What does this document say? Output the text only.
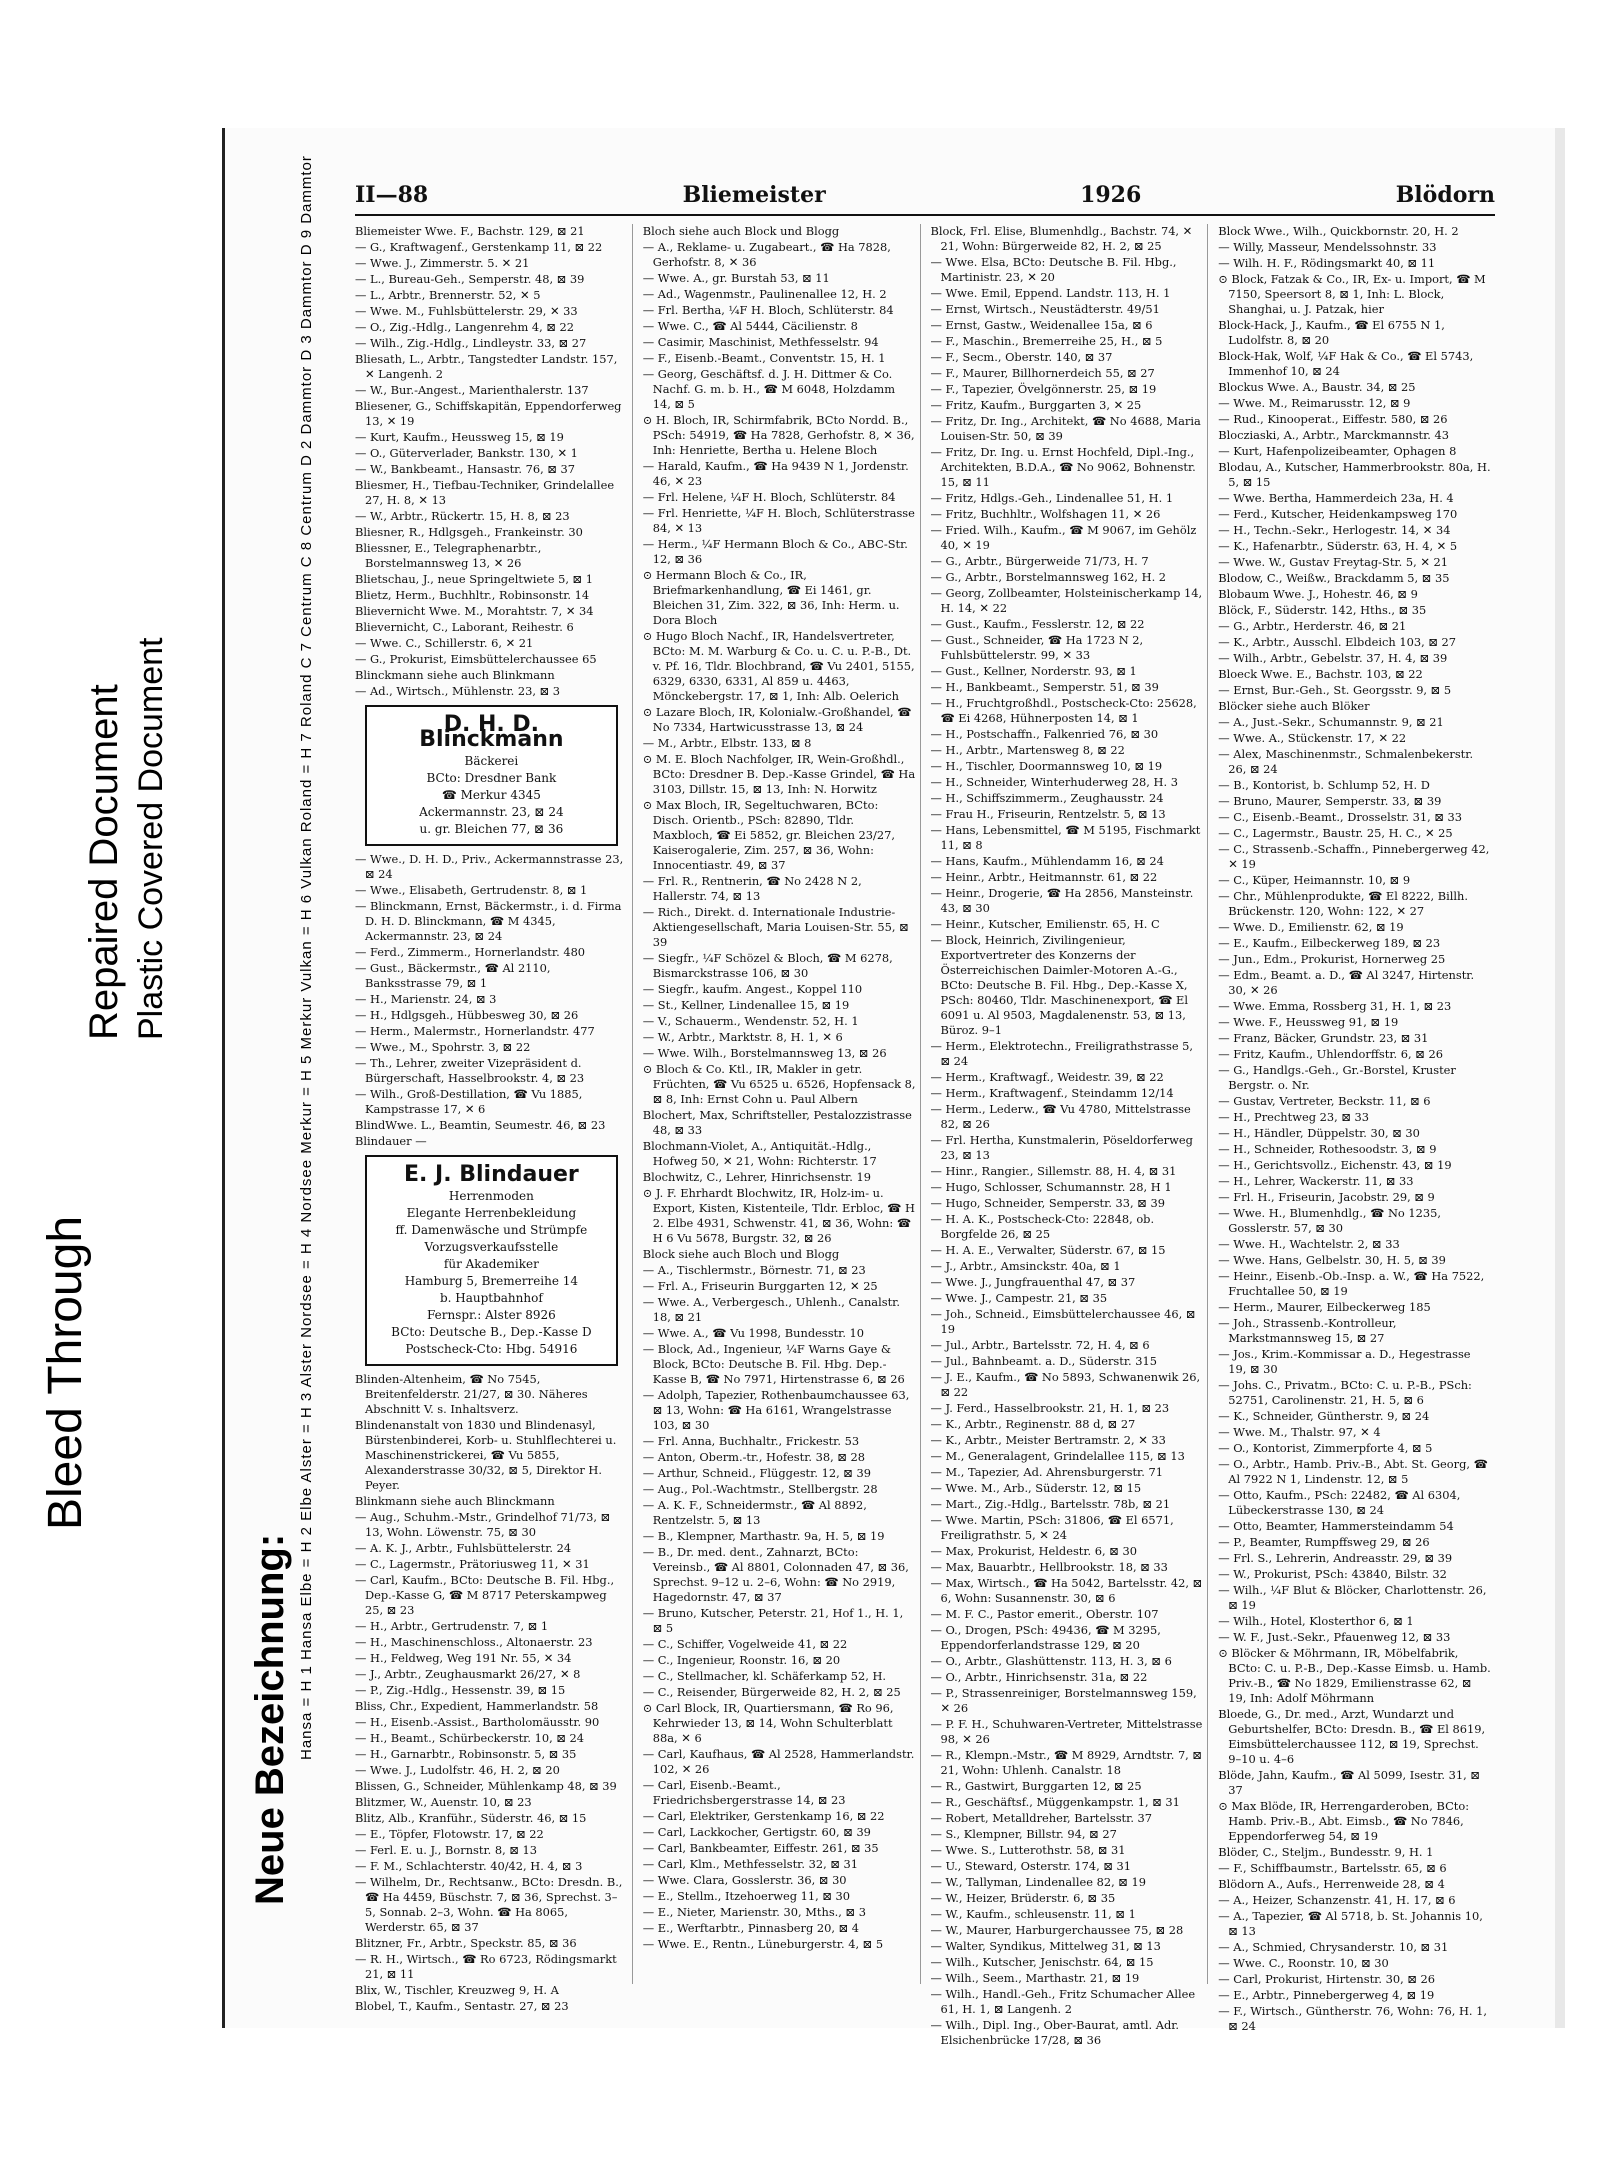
Bleed Through
Repaired Document Plastic Covered Document
Neue Bezeichnung: Hansa = H 1 Hansa Elbe = H 2 Elbe Alster = H 3 Alster Nordsee = H 4 Nordsee Merkur = H 5 Merkur Vulkan = H 6 Vulkan Roland = H 7 Roland C 7 Centrum C 8 Centrum D 2 Dammtor D 3 Dammtor D 9 Dammtor II—88	Bliemeister	1926	Blödorn
Bliemeister Wwe. F., Bachstr. 129, ⊠ 21
— G., Kraftwagenf., Gerstenkamp 11, ⊠ 22
— Wwe. J., Zimmerstr. 5. ✕ 21
— L., Bureau-Geh., Semperstr. 48, ⊠ 39
— L., Arbtr., Brennerstr. 52, ✕ 5
— Wwe. M., Fuhlsbüttelerstr. 29, ✕ 33
— O., Zig.-Hdlg., Langenrehm 4, ⊠ 22
— Wilh., Zig.-Hdlg., Lindleystr. 33, ⊠ 27
Bliesath, L., Arbtr., Tangstedter Landstr. 157, ✕ Langenh. 2
— W., Bur.-Angest., Marienthalerstr. 137
Bliesener, G., Schiffskapitän, Eppendorferweg 13, ✕ 19
— Kurt, Kaufm., Heussweg 15, ⊠ 19
— O., Güterverlader, Bankstr. 130, ✕ 1
— W., Bankbeamt., Hansastr. 76, ⊠ 37
Bliesmer, H., Tiefbau-Techniker, Grindelallee 27, H. 8, ✕ 13
— W., Arbtr., Rückertr. 15, H. 8, ⊠ 23
Bliesner, R., Hdlgsgeh., Frankeinstr. 30
Bliessner, E., Telegraphenarbtr., Borstelmannsweg 13, ✕ 26
Blietschau, J., neue Springeltwiete 5, ⊠ 1
Blietz, Herm., Buchhltr., Robinsonstr. 14
Blievernicht Wwe. M., Morahtstr. 7, ✕ 34
Blievernicht, C., Laborant, Reihestr. 6
— Wwe. C., Schillerstr. 6, ✕ 21
— G., Prokurist, Eimsbüttelerchaussee 65
Blinckmann siehe auch Blinkmann
— Ad., Wirtsch., Mühlenstr. 23, ⊠ 3
D. H. D. Blinckmann
Bäckerei
BCto: Dresdner Bank
☎ Merkur 4345
Ackermannstr. 23, ⊠ 24
u. gr. Bleichen 77, ⊠ 36
— Wwe., D. H. D., Priv., Ackermannstrasse 23, ⊠ 24
— Wwe., Elisabeth, Gertrudenstr. 8, ⊠ 1
— Blinckmann, Ernst, Bäckermstr., i. d. Firma D. H. D. Blinckmann, ☎ M 4345, Ackermannstr. 23, ⊠ 24
— Ferd., Zimmerm., Hornerlandstr. 480
— Gust., Bäckermstr., ☎ Al 2110, Banksstrasse 79, ⊠ 1
— H., Marienstr. 24, ⊠ 3
— H., Hdlgsgeh., Hübbesweg 30, ⊠ 26
— Herm., Malermstr., Hornerlandstr. 477
— Wwe., M., Spohrstr. 3, ⊠ 22
— Th., Lehrer, zweiter Vizepräsident d. Bürgerschaft, Hasselbrookstr. 4, ⊠ 23
— Wilh., Groß-Destillation, ☎ Vu 1885, Kampstrasse 17, ✕ 6
BlindWwe. L., Beamtin, Seumestr. 46, ⊠ 23
Blindauer —
E. J. Blindauer
Herrenmoden
Elegante Herrenbekleidung
ff. Damenwäsche und Strümpfe
Vorzugsverkaufsstelle
für Akademiker
Hamburg 5, Bremerreihe 14
b. Hauptbahnhof
Fernspr.: Alster 8926
BCto: Deutsche B., Dep.-Kasse D
Postscheck-Cto: Hbg. 54916
Blinden-Altenheim, ☎ No 7545, Breitenfelderstr. 21/27, ⊠ 30. Näheres Abschnitt V. s. Inhaltsverz.
Blindenanstalt von 1830 und Blindenasyl, Bürstenbinderei, Korb- u. Stuhlflechterei u. Maschinenstrickerei, ☎ Vu 5855, Alexanderstrasse 30/32, ⊠ 5, Direktor H. Peyer.
Blinkmann siehe auch Blinckmann
— Aug., Schuhm.-Mstr., Grindelhof 71/73, ⊠ 13, Wohn. Löwenstr. 75, ⊠ 30
— A. K. J., Arbtr., Fuhlsbüttelerstr. 24
— C., Lagermstr., Prätoriusweg 11, ✕ 31
— Carl, Kaufm., BCto: Deutsche B. Fil. Hbg., Dep.-Kasse G, ☎ M 8717 Peterskampweg 25, ⊠ 23
— H., Arbtr., Gertrudenstr. 7, ⊠ 1
— H., Maschinenschloss., Altonaerstr. 23
— H., Feldweg, Weg 191 Nr. 55, ✕ 34
— J., Arbtr., Zeughausmarkt 26/27, ✕ 8
— P., Zig.-Hdlg., Hessenstr. 39, ⊠ 15
Bliss, Chr., Expedient, Hammerlandstr. 58
— H., Eisenb.-Assist., Bartholomäusstr. 90
— H., Beamt., Schürbeckerstr. 10, ⊠ 24
— H., Garnarbtr., Robinsonstr. 5, ⊠ 35
— Wwe. J., Ludolfstr. 46, H. 2, ⊠ 20
Blissen, G., Schneider, Mühlenkamp 48, ⊠ 39
Blitzmer, W., Auenstr. 10, ⊠ 23
Blitz, Alb., Kranführ., Süderstr. 46, ⊠ 15
— E., Töpfer, Flotowstr. 17, ⊠ 22
— Ferl. E. u. J., Bornstr. 8, ⊠ 13
— F. M., Schlachterstr. 40/42, H. 4, ⊠ 3
— Wilhelm, Dr., Rechtsanw., BCto: Dresdn. B., ☎ Ha 4459, Büschstr. 7, ⊠ 36, Sprechst. 3–5, Sonnab. 2–3, Wohn. ☎ Ha 8065, Werderstr. 65, ⊠ 37
Blitzner, Fr., Arbtr., Speckstr. 85, ⊠ 36
— R. H., Wirtsch., ☎ Ro 6723, Rödingsmarkt 21, ⊠ 11
Blix, W., Tischler, Kreuzweg 9, H. A
Blobel, T., Kaufm., Sentastr. 27, ⊠ 23
Bloch siehe auch Block und Blogg
— A., Reklame- u. Zugabeart., ☎ Ha 7828, Gerhofstr. 8, ✕ 36
— Wwe. A., gr. Burstah 53, ⊠ 11
— Ad., Wagenmstr., Paulinenallee 12, H. 2
— Frl. Bertha, ¼F H. Bloch, Schlüterstr. 84
— Wwe. C., ☎ Al 5444, Cäcilienstr. 8
— Casimir, Maschinist, Methfesselstr. 94
— F., Eisenb.-Beamt., Conventstr. 15, H. 1
— Georg, Geschäftsf. d. J. H. Dittmer & Co. Nachf. G. m. b. H., ☎ M 6048, Holzdamm 14, ⊠ 5
⊙ H. Bloch, IR, Schirmfabrik, BCto Nordd. B., PSch: 54919, ☎ Ha 7828, Gerhofstr. 8, ✕ 36, Inh: Henriette, Bertha u. Helene Bloch
— Harald, Kaufm., ☎ Ha 9439 N 1, Jordenstr. 46, ✕ 23
— Frl. Helene, ¼F H. Bloch, Schlüterstr. 84
— Frl. Henriette, ¼F H. Bloch, Schlüterstrasse 84, ✕ 13
— Herm., ¼F Hermann Bloch & Co., ABC-Str. 12, ⊠ 36
⊙ Hermann Bloch & Co., IR, Briefmarkenhandlung, ☎ Ei 1461, gr. Bleichen 31, Zim. 322, ⊠ 36, Inh: Herm. u. Dora Bloch
⊙ Hugo Bloch Nachf., IR, Handelsvertreter, BCto: M. M. Warburg & Co. u. C. u. P.-B., Dt. v. Pf. 16, Tldr. Blochbrand, ☎ Vu 2401, 5155, 6329, 6330, 6331, Al 859 u. 4463, Mönckebergstr. 17, ⊠ 1, Inh: Alb. Oelerich
⊙ Lazare Bloch, IR, Kolonialw.-Großhandel, ☎ No 7334, Hartwicusstrasse 13, ⊠ 24
— M., Arbtr., Elbstr. 133, ⊠ 8
⊙ M. E. Bloch Nachfolger, IR, Wein-Großhdl., BCto: Dresdner B. Dep.-Kasse Grindel, ☎ Ha 3103, Dillstr. 15, ⊠ 13, Inh: N. Horwitz
⊙ Max Bloch, IR, Segeltuchwaren, BCto: Disch. Orientb., PSch: 82890, Tldr. Maxbloch, ☎ Ei 5852, gr. Bleichen 23/27, Kaiserogalerie, Zim. 257, ⊠ 36, Wohn: Innocentiastr. 49, ⊠ 37
— Frl. R., Rentnerin, ☎ No 2428 N 2, Hallerstr. 74, ⊠ 13
— Rich., Direkt. d. Internationale Industrie-Aktiengesellschaft, Maria Louisen-Str. 55, ⊠ 39
— Siegfr., ¼F Schözel & Bloch, ☎ M 6278, Bismarckstrasse 106, ⊠ 30
— Siegfr., kaufm. Angest., Koppel 110
— St., Kellner, Lindenallee 15, ⊠ 19
— V., Schauerm., Wendenstr. 52, H. 1
— W., Arbtr., Marktstr. 8, H. 1, ✕ 6
— Wwe. Wilh., Borstelmannsweg 13, ⊠ 26
⊙ Bloch & Co. Ktl., IR, Makler in getr. Früchten, ☎ Vu 6525 u. 6526, Hopfensack 8, ⊠ 8, Inh: Ernst Cohn u. Paul Albern
Blochert, Max, Schriftsteller, Pestalozzistrasse 48, ⊠ 33
Blochmann-Violet, A., Antiquität.-Hdlg., Hofweg 50, ✕ 21, Wohn: Richterstr. 17
Blochwitz, C., Lehrer, Hinrichsenstr. 19
⊙ J. F. Ehrhardt Blochwitz, IR, Holz-im- u. Export, Kisten, Kistenteile, Tldr. Erbloc, ☎ H 2. Elbe 4931, Schwenstr. 41, ⊠ 36, Wohn: ☎ H 6 Vu 5678, Burgstr. 32, ⊠ 26
Block siehe auch Bloch und Blogg
— A., Tischlermstr., Börnestr. 71, ⊠ 23
— Frl. A., Friseurin Burggarten 12, ✕ 25
— Wwe. A., Verbergesch., Uhlenh., Canalstr. 18, ⊠ 21
— Wwe. A., ☎ Vu 1998, Bundesstr. 10
— Block, Ad., Ingenieur, ¼F Warns Gaye & Block, BCto: Deutsche B. Fil. Hbg. Dep.-Kasse B, ☎ No 7971, Hirtenstrasse 6, ⊠ 26
— Adolph, Tapezier, Rothenbaumchaussee 63, ⊠ 13, Wohn: ☎ Ha 6161, Wrangelstrasse 103, ⊠ 30
— Frl. Anna, Buchhaltr., Frickestr. 53
— Anton, Oberm.-tr., Hofestr. 38, ⊠ 28
— Arthur, Schneid., Flüggestr. 12, ⊠ 39
— Aug., Pol.-Wachtmstr., Stellbergstr. 28
— A. K. F., Schneidermstr., ☎ Al 8892, Rentzelstr. 5, ⊠ 13
— B., Klempner, Marthastr. 9a, H. 5, ⊠ 19
— B., Dr. med. dent., Zahnarzt, BCto: Vereinsb., ☎ Al 8801, Colonnaden 47, ⊠ 36, Sprechst. 9–12 u. 2–6, Wohn: ☎ No 2919, Hagedornstr. 47, ⊠ 37
— Bruno, Kutscher, Peterstr. 21, Hof 1., H. 1, ⊠ 5
— C., Schiffer, Vogelweide 41, ⊠ 22
— C., Ingenieur, Roonstr. 16, ⊠ 20
— C., Stellmacher, kl. Schäferkamp 52, H.
— C., Reisender, Bürgerweide 82, H. 2, ⊠ 25
⊙ Carl Block, IR, Quartiersmann, ☎ Ro 96, Kehrwieder 13, ⊠ 14, Wohn Schulterblatt 88a, ✕ 6
— Carl, Kaufhaus, ☎ Al 2528, Hammerlandstr. 102, ✕ 26
— Carl, Eisenb.-Beamt., Friedrichsbergerstrasse 14, ⊠ 23
— Carl, Elektriker, Gerstenkamp 16, ⊠ 22
— Carl, Lackkocher, Gertigstr. 60, ⊠ 39
— Carl, Bankbeamter, Eiffestr. 261, ⊠ 35
— Carl, Klm., Methfesselstr. 32, ⊠ 31
— Wwe. Clara, Gosslerstr. 36, ⊠ 30
— E., Stellm., Itzehoerweg 11, ⊠ 30
— E., Nieter, Marienstr. 30, Mths., ⊠ 3
— E., Werftarbtr., Pinnasberg 20, ⊠ 4
— Wwe. E., Rentn., Lüneburgerstr. 4, ⊠ 5
Block, Frl. Elise, Blumenhdlg., Bachstr. 74, ✕ 21, Wohn: Bürgerweide 82, H. 2, ⊠ 25
— Wwe. Elsa, BCto: Deutsche B. Fil. Hbg., Martinistr. 23, ✕ 20
— Wwe. Emil, Eppend. Landstr. 113, H. 1
— Ernst, Wirtsch., Neustädterstr. 49/51
— Ernst, Gastw., Weidenallee 15a, ⊠ 6
— F., Maschin., Bremerreihe 25, H., ⊠ 5
— F., Secm., Oberstr. 140, ⊠ 37
— F., Maurer, Billhornerdeich 55, ⊠ 27
— F., Tapezier, Övelgönnerstr. 25, ⊠ 19
— Fritz, Kaufm., Burggarten 3, ✕ 25
— Fritz, Dr. Ing., Architekt, ☎ No 4688, Maria Louisen-Str. 50, ⊠ 39
— Fritz, Dr. Ing. u. Ernst Hochfeld, Dipl.-Ing., Architekten, B.D.A., ☎ No 9062, Bohnenstr. 15, ⊠ 11
— Fritz, Hdlgs.-Geh., Lindenallee 51, H. 1
— Fritz, Buchhltr., Wolfshagen 11, ✕ 26
— Fried. Wilh., Kaufm., ☎ M 9067, im Gehölz 40, ✕ 19
— G., Arbtr., Bürgerweide 71/73, H. 7
— G., Arbtr., Borstelmannsweg 162, H. 2
— Georg, Zollbeamter, Holsteinischerkamp 14, H. 14, ✕ 22
— Gust., Kaufm., Fesslerstr. 12, ⊠ 22
— Gust., Schneider, ☎ Ha 1723 N 2, Fuhlsbüttelerstr. 99, ✕ 33
— Gust., Kellner, Norderstr. 93, ⊠ 1
— H., Bankbeamt., Semperstr. 51, ⊠ 39
— H., Fruchtgroßhdl., Postscheck-Cto: 25628, ☎ Ei 4268, Hühnerposten 14, ⊠ 1
— H., Postschaffn., Falkenried 76, ⊠ 30
— H., Arbtr., Martensweg 8, ⊠ 22
— H., Tischler, Doormannsweg 10, ⊠ 19
— H., Schneider, Winterhuderweg 28, H. 3
— H., Schiffszimmerm., Zeughausstr. 24
— Frau H., Friseurin, Rentzelstr. 5, ⊠ 13
— Hans, Lebensmittel, ☎ M 5195, Fischmarkt 11, ⊠ 8
— Hans, Kaufm., Mühlendamm 16, ⊠ 24
— Heinr., Arbtr., Heitmannstr. 61, ⊠ 22
— Heinr., Drogerie, ☎ Ha 2856, Mansteinstr. 43, ⊠ 30
— Heinr., Kutscher, Emilienstr. 65, H. C
— Block, Heinrich, Zivilingenieur, Exportvertreter des Konzerns der Österreichischen Daimler-Motoren A.-G., BCto: Deutsche B. Fil. Hbg., Dep.-Kasse X, PSch: 80460, Tldr. Maschinenexport, ☎ El 6091 u. Al 9503, Magdalenenstr. 53, ⊠ 13, Büroz. 9–1
— Herm., Elektrotechn., Freiligrathstrasse 5, ⊠ 24
— Herm., Kraftwagf., Weidestr. 39, ⊠ 22
— Herm., Kraftwagenf., Steindamm 12/14
— Herm., Lederw., ☎ Vu 4780, Mittelstrasse 82, ⊠ 26
— Frl. Hertha, Kunstmalerin, Pöseldorferweg 23, ⊠ 13
— Hinr., Rangier., Sillemstr. 88, H. 4, ⊠ 31
— Hugo, Schlosser, Schumannstr. 28, H 1
— Hugo, Schneider, Semperstr. 33, ⊠ 39
— H. A. K., Postscheck-Cto: 22848, ob. Borgfelde 26, ⊠ 25
— H. A. E., Verwalter, Süderstr. 67, ⊠ 15
— J., Arbtr., Amsinckstr. 40a, ⊠ 1
— Wwe. J., Jungfrauenthal 47, ⊠ 37
— Wwe. J., Campestr. 21, ⊠ 35
— Joh., Schneid., Eimsbüttelerchaussee 46, ⊠ 19
— Jul., Arbtr., Bartelsstr. 72, H. 4, ⊠ 6
— Jul., Bahnbeamt. a. D., Süderstr. 315
— J. E., Kaufm., ☎ No 5893, Schwanenwik 26, ⊠ 22
— J. Ferd., Hasselbrookstr. 21, H. 1, ⊠ 23
— K., Arbtr., Reginenstr. 88 d, ⊠ 27
— K., Arbtr., Meister Bertramstr. 2, ✕ 33
— M., Generalagent, Grindelallee 115, ⊠ 13
— M., Tapezier, Ad. Ahrensburgerstr. 71
— Wwe. M., Arb., Süderstr. 12, ⊠ 15
— Mart., Zig.-Hdlg., Bartelsstr. 78b, ⊠ 21
— Wwe. Martin, PSch: 31806, ☎ El 6571, Freiligrathstr. 5, ✕ 24
— Max, Prokurist, Heldestr. 6, ⊠ 30
— Max, Bauarbtr., Hellbrookstr. 18, ⊠ 33
— Max, Wirtsch., ☎ Ha 5042, Bartelsstr. 42, ⊠ 6, Wohn: Susannenstr. 30, ⊠ 6
— M. F. C., Pastor emerit., Oberstr. 107
— O., Drogen, PSch: 49436, ☎ M 3295, Eppendorferlandstrasse 129, ⊠ 20
— O., Arbtr., Glashüttenstr. 113, H. 3, ⊠ 6
— O., Arbtr., Hinrichsenstr. 31a, ⊠ 22
— P., Strassenreiniger, Borstelmannsweg 159, ✕ 26
— P. F. H., Schuhwaren-Vertreter, Mittelstrasse 98, ✕ 26
— R., Klempn.-Mstr., ☎ M 8929, Arndtstr. 7, ⊠ 21, Wohn: Uhlenh. Canalstr. 18
— R., Gastwirt, Burggarten 12, ⊠ 25
— R., Geschäftsf., Müggenkampstr. 1, ⊠ 31
— Robert, Metalldreher, Bartelsstr. 37
— S., Klempner, Billstr. 94, ⊠ 27
— Wwe. S., Lutterothstr. 58, ⊠ 31
— U., Steward, Osterstr. 174, ⊠ 31
— W., Tallyman, Lindenallee 82, ⊠ 19
— W., Heizer, Brüderstr. 6, ⊠ 35
— W., Kaufm., schleusenstr. 11, ⊠ 1
— W., Maurer, Harburgerchaussee 75, ⊠ 28
— Walter, Syndikus, Mittelweg 31, ⊠ 13
— Wilh., Kutscher, Jenischstr. 64, ⊠ 15
— Wilh., Seem., Marthastr. 21, ⊠ 19
— Wilh., Handl.-Geh., Fritz Schumacher Allee 61, H. 1, ⊠ Langenh. 2
— Wilh., Dipl. Ing., Ober-Baurat, amtl. Adr. Elsichenbrücke 17/28, ⊠ 36
Block Wwe., Wilh., Quickbornstr. 20, H. 2
— Willy, Masseur, Mendelssohnstr. 33
— Wilh. H. F., Rödingsmarkt 40, ⊠ 11
⊙ Block, Fatzak & Co., IR, Ex- u. Import, ☎ M 7150, Speersort 8, ⊠ 1, Inh: L. Block, Shanghai, u. J. Patzak, hier
Block-Hack, J., Kaufm., ☎ El 6755 N 1, Ludolfstr. 8, ⊠ 20
Block-Hak, Wolf, ¼F Hak & Co., ☎ El 5743, Immenhof 10, ⊠ 24
Blockus Wwe. A., Baustr. 34, ⊠ 25
— Wwe. M., Reimarusstr. 12, ⊠ 9
— Rud., Kinooperat., Eiffestr. 580, ⊠ 26
Blocziaski, A., Arbtr., Marckmannstr. 43
— Kurt, Hafenpolizeibeamter, Ophagen 8
Blodau, A., Kutscher, Hammerbrookstr. 80a, H. 5, ⊠ 15
— Wwe. Bertha, Hammerdeich 23a, H. 4
— Ferd., Kutscher, Heidenkampsweg 170
— H., Techn.-Sekr., Herlogestr. 14, ✕ 34
— K., Hafenarbtr., Süderstr. 63, H. 4, ✕ 5
— Wwe. W., Gustav Freytag-Str. 5, ✕ 21
Blodow, C., Weißw., Brackdamm 5, ⊠ 35
Blobaum Wwe. J., Hohestr. 46, ⊠ 9
Blöck, F., Süderstr. 142, Hths., ⊠ 35
— G., Arbtr., Herderstr. 46, ⊠ 21
— K., Arbtr., Ausschl. Elbdeich 103, ⊠ 27
— Wilh., Arbtr., Gebelstr. 37, H. 4, ⊠ 39
Bloeck Wwe. E., Bachstr. 103, ⊠ 22
— Ernst, Bur.-Geh., St. Georgsstr. 9, ⊠ 5
Blöcker siehe auch Blöker
— A., Just.-Sekr., Schumannstr. 9, ⊠ 21
— Wwe. A., Stückenstr. 17, ✕ 22
— Alex, Maschinenmstr., Schmalenbekerstr. 26, ⊠ 24
— B., Kontorist, b. Schlump 52, H. D
— Bruno, Maurer, Semperstr. 33, ⊠ 39
— C., Eisenb.-Beamt., Drosselstr. 31, ⊠ 33
— C., Lagermstr., Baustr. 25, H. C., ✕ 25
— C., Strassenb.-Schaffn., Pinnebergerweg 42, ✕ 19
— C., Küper, Heimannstr. 10, ⊠ 9
— Chr., Mühlenprodukte, ☎ El 8222, Billh. Brückenstr. 120, Wohn: 122, ✕ 27
— Wwe. D., Emilienstr. 62, ⊠ 19
— E., Kaufm., Eilbeckerweg 189, ⊠ 23
— Jun., Edm., Prokurist, Hornerweg 25
— Edm., Beamt. a. D., ☎ Al 3247, Hirtenstr. 30, ✕ 26
— Wwe. Emma, Rossberg 31, H. 1, ⊠ 23
— Wwe. F., Heussweg 91, ⊠ 19
— Franz, Bäcker, Grundstr. 23, ⊠ 31
— Fritz, Kaufm., Uhlendorffstr. 6, ⊠ 26
— G., Handlgs.-Geh., Gr.-Borstel, Kruster Bergstr. o. Nr.
— Gustav, Vertreter, Beckstr. 11, ⊠ 6
— H., Prechtweg 23, ⊠ 33
— H., Händler, Düppelstr. 30, ⊠ 30
— H., Schneider, Rothesoodstr. 3, ⊠ 9
— H., Gerichtsvollz., Eichenstr. 43, ⊠ 19
— H., Lehrer, Wackerstr. 11, ⊠ 33
— Frl. H., Friseurin, Jacobstr. 29, ⊠ 9
— Wwe. H., Blumenhdlg., ☎ No 1235, Gosslerstr. 57, ⊠ 30
— Wwe. H., Wachtelstr. 2, ⊠ 33
— Wwe. Hans, Gelbelstr. 30, H. 5, ⊠ 39
— Heinr., Eisenb.-Ob.-Insp. a. W., ☎ Ha 7522, Fruchtallee 50, ⊠ 19
— Herm., Maurer, Eilbeckerweg 185
— Joh., Strassenb.-Kontrolleur, Markstmannsweg 15, ⊠ 27
— Jos., Krim.-Kommissar a. D., Hegestrasse 19, ⊠ 30
— Johs. C., Privatm., BCto: C. u. P.-B., PSch: 52751, Carolinenstr. 21, H. 5, ⊠ 6
— K., Schneider, Güntherstr. 9, ⊠ 24
— Wwe. M., Thalstr. 97, ✕ 4
— O., Kontorist, Zimmerpforte 4, ⊠ 5
— O., Arbtr., Hamb. Priv.-B., Abt. St. Georg, ☎ Al 7922 N 1, Lindenstr. 12, ⊠ 5
— Otto, Kaufm., PSch: 22482, ☎ Al 6304, Lübeckerstrasse 130, ⊠ 24
— Otto, Beamter, Hammersteindamm 54
— P., Beamter, Rumpffsweg 29, ⊠ 26
— Frl. S., Lehrerin, Andreasstr. 29, ⊠ 39
— W., Prokurist, PSch: 43840, Bilstr. 32
— Wilh., ¼F Blut & Blöcker, Charlottenstr. 26, ⊠ 19
— Wilh., Hotel, Klosterthor 6, ⊠ 1
— W. F., Just.-Sekr., Pfauenweg 12, ⊠ 33
⊙ Blöcker & Möhrmann, IR, Möbelfabrik, BCto: C. u. P.-B., Dep.-Kasse Eimsb. u. Hamb. Priv.-B., ☎ No 1829, Emilienstrasse 62, ⊠ 19, Inh: Adolf Möhrmann
Bloede, G., Dr. med., Arzt, Wundarzt und Geburtshelfer, BCto: Dresdn. B., ☎ El 8619, Eimsbüttelerchaussee 112, ⊠ 19, Sprechst. 9–10 u. 4–6
Blöde, Jahn, Kaufm., ☎ Al 5099, Isestr. 31, ⊠ 37
⊙ Max Blöde, IR, Herrengarderoben, BCto: Hamb. Priv.-B., Abt. Eimsb., ☎ No 7846, Eppendorferweg 54, ⊠ 19
Blöder, C., Steljm., Bundesstr. 9, H. 1
— F., Schiffbaumstr., Bartelsstr. 65, ⊠ 6
Blödorn A., Aufs., Herrenweide 28, ⊠ 4
— A., Heizer, Schanzenstr. 41, H. 17, ⊠ 6
— A., Tapezier, ☎ Al 5718, b. St. Johannis 10, ⊠ 13
— A., Schmied, Chrysanderstr. 10, ⊠ 31
— Wwe. C., Roonstr. 10, ⊠ 30
— Carl, Prokurist, Hirtenstr. 30, ⊠ 26
— E., Arbtr., Pinnebergerweg 4, ⊠ 19
— F., Wirtsch., Güntherstr. 76, Wohn: 76, H. 1, ⊠ 24
